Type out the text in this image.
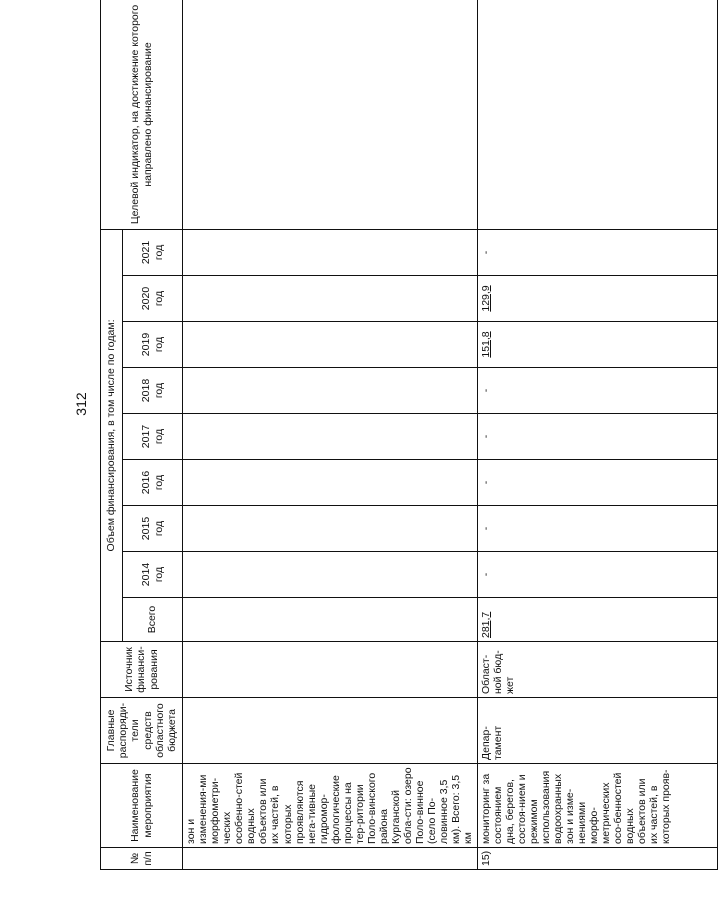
312
№ п/п	Наименование мероприятия	Главные распоряди-тели средств областного бюджета	Источник финанси-рования	Объем финансирования, в том числе по годам:									Целевой индикатор, на достижение которого направлено финансирование
				Всего	2014 год	2015 год	2016 год	2017 год	2018 год	2019 год	2020 год	2021 год	
	зон и изменения-ми морфометри-ческих особенно-стей водных объектов или их частей, в которых проявляются нега-тивные гидромор-фологические процессы на тер-ритории Поло-винского района Курганской обла-сти: озеро Поло-винное (село По-ловинное 3,5 км). Всего: 3,5 км												
15)	мониторинг за состоянием дна, берегов, состоя-нием и режимом использования водоохранных зон и изме-нениями морфо-метрических осо-бенностей водных объектов или их частей, в которых прояв-	Депар-тамент	Област-ной бюд-жет	281,7	-	-	-	-	-	151,8	129,9	-	
